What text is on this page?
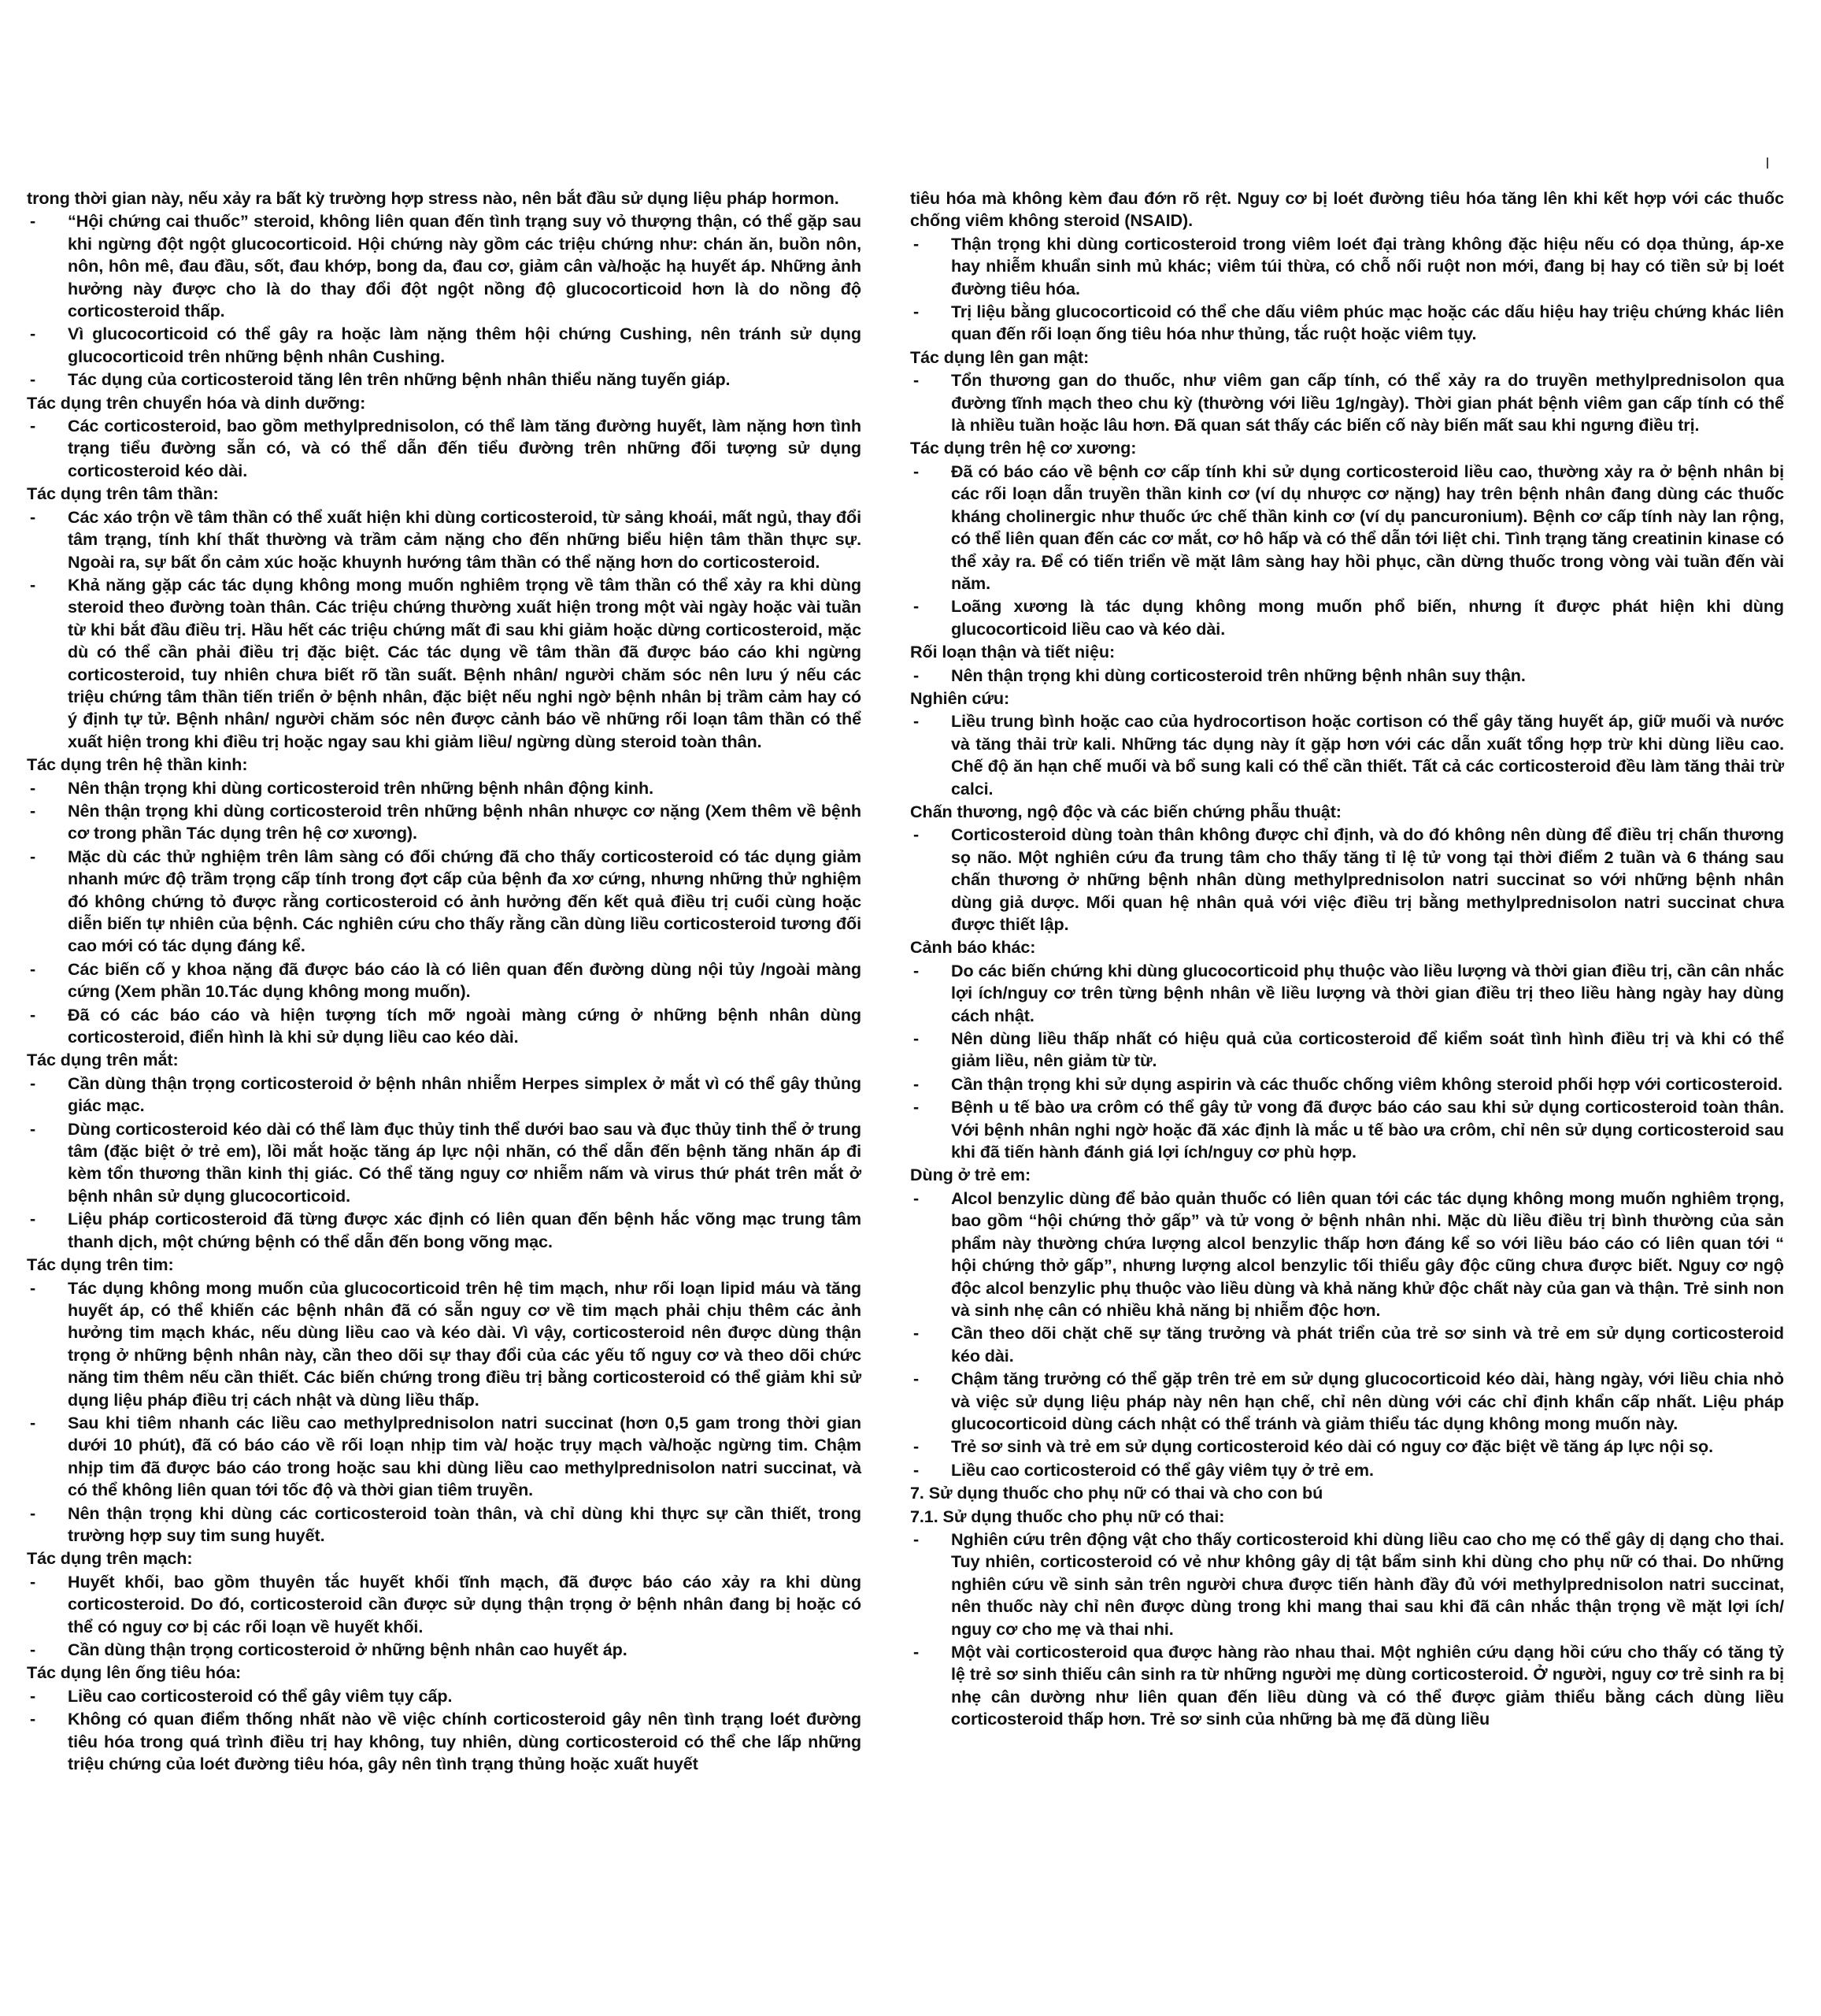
trong thời gian này, nếu xảy ra bất kỳ trường hợp stress nào, nên bắt đầu sử dụng liệu pháp hormon.
- “Hội chứng cai thuốc” steroid, không liên quan đến tình trạng suy vỏ thượng thận, có thể gặp sau khi ngừng đột ngột glucocorticoid. Hội chứng này gồm các triệu chứng như: chán ăn, buồn nôn, nôn, hôn mê, đau đầu, sốt, đau khớp, bong da, đau cơ, giảm cân và/hoặc hạ huyết áp. Những ảnh hưởng này được cho là do thay đổi đột ngột nồng độ glucocorticoid hơn là do nồng độ corticosteroid thấp.
- Vì glucocorticoid có thể gây ra hoặc làm nặng thêm hội chứng Cushing, nên tránh sử dụng glucocorticoid trên những bệnh nhân Cushing.
- Tác dụng của corticosteroid tăng lên trên những bệnh nhân thiểu năng tuyến giáp.
Tác dụng trên chuyển hóa và dinh dưỡng:
- Các corticosteroid, bao gồm methylprednisolon, có thể làm tăng đường huyết, làm nặng hơn tình trạng tiểu đường sẵn có, và có thể dẫn đến tiểu đường trên những đối tượng sử dụng corticosteroid kéo dài.
Tác dụng trên tâm thần:
- Các xáo trộn về tâm thần có thể xuất hiện khi dùng corticosteroid, từ sảng khoái, mất ngủ, thay đổi tâm trạng, tính khí thất thường và trầm cảm nặng cho đến những biểu hiện tâm thần thực sự. Ngoài ra, sự bất ổn cảm xúc hoặc khuynh hướng tâm thần có thể nặng hơn do corticosteroid.
- Khả năng gặp các tác dụng không mong muốn nghiêm trọng về tâm thần có thể xảy ra khi dùng steroid theo đường toàn thân. Các triệu chứng thường xuất hiện trong một vài ngày hoặc vài tuần từ khi bắt đầu điều trị. Hầu hết các triệu chứng mất đi sau khi giảm hoặc dừng corticosteroid, mặc dù có thể cần phải điều trị đặc biệt. Các tác dụng về tâm thần đã được báo cáo khi ngừng corticosteroid, tuy nhiên chưa biết rõ tần suất. Bệnh nhân/ người chăm sóc nên lưu ý nếu các triệu chứng tâm thần tiến triển ở bệnh nhân, đặc biệt nếu nghi ngờ bệnh nhân bị trầm cảm hay có ý định tự tử. Bệnh nhân/ người chăm sóc nên được cảnh báo về những rối loạn tâm thần có thể xuất hiện trong khi điều trị hoặc ngay sau khi giảm liều/ ngừng dùng steroid toàn thân.
Tác dụng trên hệ thần kinh:
- Nên thận trọng khi dùng corticosteroid trên những bệnh nhân động kinh.
- Nên thận trọng khi dùng corticosteroid trên những bệnh nhân nhược cơ nặng (Xem thêm về bệnh cơ trong phần Tác dụng trên hệ cơ xương).
- Mặc dù các thử nghiệm trên lâm sàng có đối chứng đã cho thấy corticosteroid có tác dụng giảm nhanh mức độ trầm trọng cấp tính trong đợt cấp của bệnh đa xơ cứng, nhưng những thử nghiệm đó không chứng tỏ được rằng corticosteroid có ảnh hưởng đến kết quả điều trị cuối cùng hoặc diễn biến tự nhiên của bệnh. Các nghiên cứu cho thấy rằng cần dùng liều corticosteroid tương đối cao mới có tác dụng đáng kể.
- Các biến cố y khoa nặng đã được báo cáo là có liên quan đến đường dùng nội tủy /ngoài màng cứng (Xem phần 10.Tác dụng không mong muốn).
- Đã có các báo cáo và hiện tượng tích mỡ ngoài màng cứng ở những bệnh nhân dùng corticosteroid, điển hình là khi sử dụng liều cao kéo dài.
Tác dụng trên mắt:
- Cần dùng thận trọng corticosteroid ở bệnh nhân nhiễm Herpes simplex ở mắt vì có thể gây thủng giác mạc.
- Dùng corticosteroid kéo dài có thể làm đục thủy tinh thể dưới bao sau và đục thủy tinh thể ở trung tâm (đặc biệt ở trẻ em), lồi mắt hoặc tăng áp lực nội nhãn, có thể dẫn đến bệnh tăng nhãn áp đi kèm tổn thương thần kinh thị giác. Có thể tăng nguy cơ nhiễm nấm và virus thứ phát trên mắt ở bệnh nhân sử dụng glucocorticoid.
- Liệu pháp corticosteroid đã từng được xác định có liên quan đến bệnh hắc võng mạc trung tâm thanh dịch, một chứng bệnh có thể dẫn đến bong võng mạc.
Tác dụng trên tim:
- Tác dụng không mong muốn của glucocorticoid trên hệ tim mạch, như rối loạn lipid máu và tăng huyết áp, có thể khiến các bệnh nhân đã có sẵn nguy cơ về tim mạch phải chịu thêm các ảnh hưởng tim mạch khác, nếu dùng liều cao và kéo dài. Vì vậy, corticosteroid nên được dùng thận trọng ở những bệnh nhân này, cần theo dõi sự thay đổi của các yếu tố nguy cơ và theo dõi chức năng tim thêm nếu cần thiết. Các biến chứng trong điều trị bằng corticosteroid có thể giảm khi sử dụng liệu pháp điều trị cách nhật và dùng liều thấp.
- Sau khi tiêm nhanh các liều cao methylprednisolon natri succinat (hơn 0,5 gam trong thời gian dưới 10 phút), đã có báo cáo về rối loạn nhịp tim và/ hoặc trụy mạch và/hoặc ngừng tim. Chậm nhịp tim đã được báo cáo trong hoặc sau khi dùng liều cao methylprednisolon natri succinat, và có thể không liên quan tới tốc độ và thời gian tiêm truyền.
- Nên thận trọng khi dùng các corticosteroid toàn thân, và chỉ dùng khi thực sự cần thiết, trong trường hợp suy tim sung huyết.
Tác dụng trên mạch:
- Huyết khối, bao gồm thuyên tắc huyết khối tĩnh mạch, đã được báo cáo xảy ra khi dùng corticosteroid. Do đó, corticosteroid cần được sử dụng thận trọng ở bệnh nhân đang bị hoặc có thể có nguy cơ bị các rối loạn về huyết khối.
- Cần dùng thận trọng corticosteroid ở những bệnh nhân cao huyết áp.
Tác dụng lên ống tiêu hóa:
- Liều cao corticosteroid có thể gây viêm tụy cấp.
- Không có quan điểm thống nhất nào về việc chính corticosteroid gây nên tình trạng loét đường tiêu hóa trong quá trình điều trị hay không, tuy nhiên, dùng corticosteroid có thể che lấp những triệu chứng của loét đường tiêu hóa, gây nên tình trạng thủng hoặc xuất huyết
tiêu hóa mà không kèm đau đớn rõ rệt. Nguy cơ bị loét đường tiêu hóa tăng lên khi kết hợp với các thuốc chống viêm không steroid (NSAID).
- Thận trọng khi dùng corticosteroid trong viêm loét đại tràng không đặc hiệu nếu có dọa thủng, áp-xe hay nhiễm khuẩn sinh mủ khác; viêm túi thừa, có chỗ nối ruột non mới, đang bị hay có tiền sử bị loét đường tiêu hóa.
- Trị liệu bằng glucocorticoid có thể che dấu viêm phúc mạc hoặc các dấu hiệu hay triệu chứng khác liên quan đến rối loạn ống tiêu hóa như thủng, tắc ruột hoặc viêm tụy.
Tác dụng lên gan mật:
- Tổn thương gan do thuốc, như viêm gan cấp tính, có thể xảy ra do truyền methylprednisolon qua đường tĩnh mạch theo chu kỳ (thường với liều 1g/ngày). Thời gian phát bệnh viêm gan cấp tính có thể là nhiều tuần hoặc lâu hơn. Đã quan sát thấy các biến cố này biến mất sau khi ngưng điều trị.
Tác dụng trên hệ cơ xương:
- Đã có báo cáo về bệnh cơ cấp tính khi sử dụng corticosteroid liều cao, thường xảy ra ở bệnh nhân bị các rối loạn dẫn truyền thần kinh cơ (ví dụ nhược cơ nặng) hay trên bệnh nhân đang dùng các thuốc kháng cholinergic như thuốc ức chế thần kinh cơ (ví dụ pancuronium). Bệnh cơ cấp tính này lan rộng, có thể liên quan đến các cơ mắt, cơ hô hấp và có thể dẫn tới liệt chi. Tình trạng tăng creatinin kinase có thể xảy ra. Để có tiến triển về mặt lâm sàng hay hồi phục, cần dừng thuốc trong vòng vài tuần đến vài năm.
- Loãng xương là tác dụng không mong muốn phổ biến, nhưng ít được phát hiện khi dùng glucocorticoid liều cao và kéo dài.
Rối loạn thận và tiết niệu:
- Nên thận trọng khi dùng corticosteroid trên những bệnh nhân suy thận.
Nghiên cứu:
- Liều trung bình hoặc cao của hydrocortison hoặc cortison có thể gây tăng huyết áp, giữ muối và nước và tăng thải trừ kali. Những tác dụng này ít gặp hơn với các dẫn xuất tổng hợp trừ khi dùng liều cao. Chế độ ăn hạn chế muối và bổ sung kali có thể cần thiết. Tất cả các corticosteroid đều làm tăng thải trừ calci.
Chấn thương, ngộ độc và các biến chứng phẫu thuật:
- Corticosteroid dùng toàn thân không được chỉ định, và do đó không nên dùng để điều trị chấn thương sọ não. Một nghiên cứu đa trung tâm cho thấy tăng tỉ lệ tử vong tại thời điểm 2 tuần và 6 tháng sau chấn thương ở những bệnh nhân dùng methylprednisolon natri succinat so với những bệnh nhân dùng giả dược. Mối quan hệ nhân quả với việc điều trị bằng methylprednisolon natri succinat chưa được thiết lập.
Cảnh báo khác:
- Do các biến chứng khi dùng glucocorticoid phụ thuộc vào liều lượng và thời gian điều trị, cần cân nhắc lợi ích/nguy cơ trên từng bệnh nhân về liều lượng và thời gian điều trị theo liều hàng ngày hay dùng cách nhật.
- Nên dùng liều thấp nhất có hiệu quả của corticosteroid để kiểm soát tình hình điều trị và khi có thể giảm liều, nên giảm từ từ.
- Cần thận trọng khi sử dụng aspirin và các thuốc chống viêm không steroid phối hợp với corticosteroid.
- Bệnh u tế bào ưa crôm có thể gây tử vong đã được báo cáo sau khi sử dụng corticosteroid toàn thân. Với bệnh nhân nghi ngờ hoặc đã xác định là mắc u tế bào ưa crôm, chỉ nên sử dụng corticosteroid sau khi đã tiến hành đánh giá lợi ích/nguy cơ phù hợp.
Dùng ở trẻ em:
- Alcol benzylic dùng để bảo quản thuốc có liên quan tới các tác dụng không mong muốn nghiêm trọng, bao gồm “hội chứng thở gấp” và tử vong ở bệnh nhân nhi. Mặc dù liều điều trị bình thường của sản phẩm này thường chứa lượng alcol benzylic thấp hơn đáng kể so với liều báo cáo có liên quan tới “ hội chứng thở gấp”, nhưng lượng alcol benzylic tối thiểu gây độc cũng chưa được biết. Nguy cơ ngộ độc alcol benzylic phụ thuộc vào liều dùng và khả năng khử độc chất này của gan và thận. Trẻ sinh non và sinh nhẹ cân có nhiều khả năng bị nhiễm độc hơn.
- Cần theo dõi chặt chẽ sự tăng trưởng và phát triển của trẻ sơ sinh và trẻ em sử dụng corticosteroid kéo dài.
- Chậm tăng trưởng có thể gặp trên trẻ em sử dụng glucocorticoid kéo dài, hàng ngày, với liều chia nhỏ và việc sử dụng liệu pháp này nên hạn chế, chỉ nên dùng với các chỉ định khẩn cấp nhất. Liệu pháp glucocorticoid dùng cách nhật có thể tránh và giảm thiểu tác dụng không mong muốn này.
- Trẻ sơ sinh và trẻ em sử dụng corticosteroid kéo dài có nguy cơ đặc biệt về tăng áp lực nội sọ.
- Liều cao corticosteroid có thể gây viêm tụy ở trẻ em.
7. Sử dụng thuốc cho phụ nữ có thai và cho con bú
7.1. Sử dụng thuốc cho phụ nữ có thai:
- Nghiên cứu trên động vật cho thấy corticosteroid khi dùng liều cao cho mẹ có thể gây dị dạng cho thai. Tuy nhiên, corticosteroid có vẻ như không gây dị tật bẩm sinh khi dùng cho phụ nữ có thai. Do những nghiên cứu về sinh sản trên người chưa được tiến hành đầy đủ với methylprednisolon natri succinat, nên thuốc này chỉ nên được dùng trong khi mang thai sau khi đã cân nhắc thận trọng về mặt lợi ích/ nguy cơ cho mẹ và thai nhi.
- Một vài corticosteroid qua được hàng rào nhau thai. Một nghiên cứu dạng hồi cứu cho thấy có tăng tỷ lệ trẻ sơ sinh thiếu cân sinh ra từ những người mẹ dùng corticosteroid. Ở người, nguy cơ trẻ sinh ra bị nhẹ cân dường như liên quan đến liều dùng và có thể được giảm thiểu bằng cách dùng liều corticosteroid thấp hơn. Trẻ sơ sinh của những bà mẹ đã dùng liều
